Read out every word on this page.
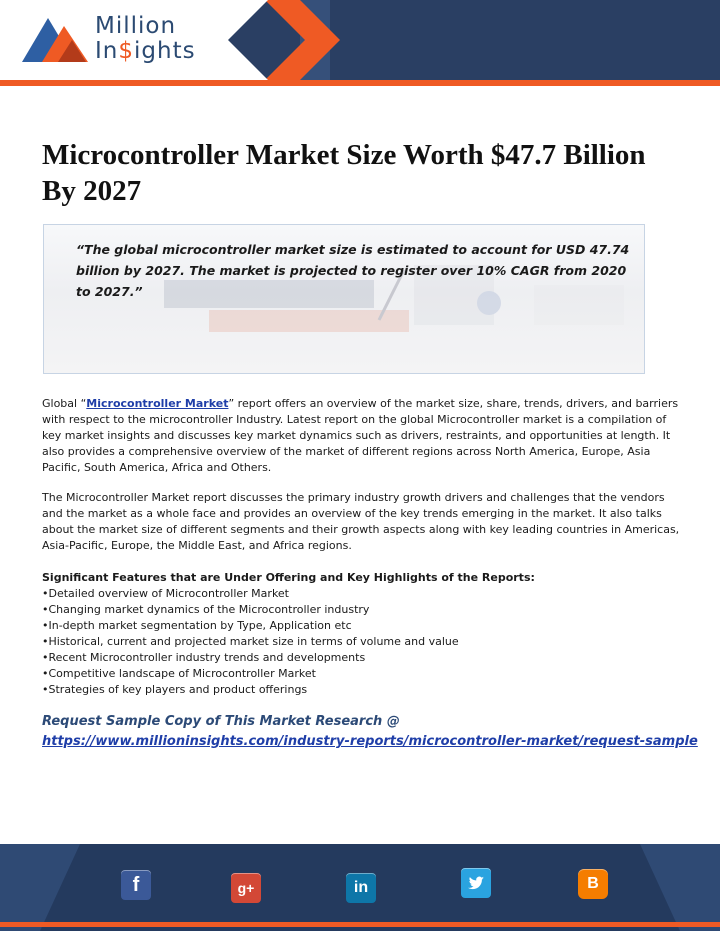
Million
In$ights
Microcontroller Market Size Worth $47.7 Billion By 2027
“The global microcontroller market size is estimated to account for USD 47.74 billion by 2027. The market is projected to register over 10% CAGR from 2020 to 2027.”
Global “Microcontroller Market” report offers an overview of the market size, share, trends, drivers, and barriers with respect to the microcontroller Industry. Latest report on the global Microcontroller market is a compilation of key market insights and discusses key market dynamics such as drivers, restraints, and opportunities at length. It also provides a comprehensive overview of the market of different regions across North America, Europe, Asia Pacific, South America, Africa and Others.
The Microcontroller Market report discusses the primary industry growth drivers and challenges that the vendors and the market as a whole face and provides an overview of the key trends emerging in the market. It also talks about the market size of different segments and their growth aspects along with key leading countries in Americas, Asia-Pacific, Europe, the Middle East, and Africa regions.
Significant Features that are Under Offering and Key Highlights of the Reports:
• Detailed overview of Microcontroller Market
• Changing market dynamics of the Microcontroller industry
• In-depth market segmentation by Type, Application etc
• Historical, current and projected market size in terms of volume and value
• Recent Microcontroller industry trends and developments
• Competitive landscape of Microcontroller Market
• Strategies of key players and product offerings
Request Sample Copy of This Market Research @
https://www.millioninsights.com/industry-reports/microcontroller-market/request-sample
f	g+	in	B
